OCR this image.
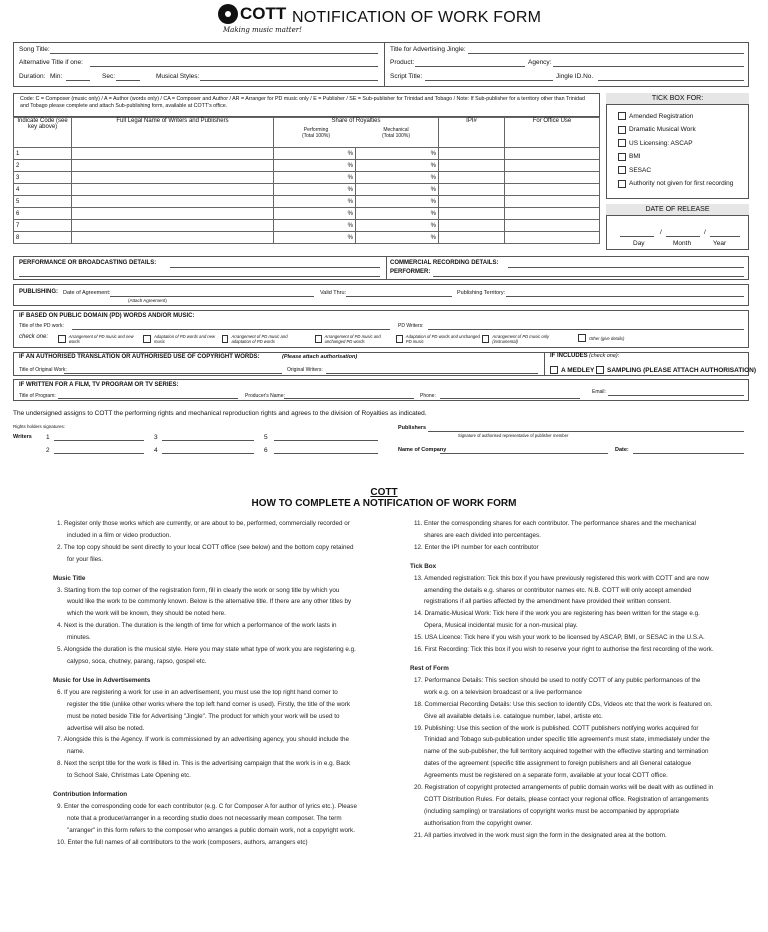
COTT
Making music matter!
NOTIFICATION OF WORK FORM
Song Title:
Alternative Title if one:
Duration: Min:	Sec:	Musical Styles:
Title for Advertising Jingle:
Product:	Agency:
Script Title:	Jingle ID.No.
Code: C = Composer (music only) / A = Author (words only) / CA = Composer and Author / AR = Arranger for PD music only / E = Publisher / SE = Sub-publisher for Trinidad and Tobago / Note: If Sub-publisher for a territory other than Trinidad and Tobago please complete and attach Sub-publishing form, available at COTT's office.
Indicate Code (see key above)	Full Legal Name of Writers and Publishers	Share of Royalties
Performing
(Total 100%)
Mechanical
(Total 100%)		IPI#	For Office Use
1		%	%		
2		%	%		
3		%	%		
4		%	%		
5		%	%		
6		%	%		
7		%	%		
8		%	%		
TICK BOX FOR:
Amended Registration
Dramatic Musical Work
US Licensing: ASCAP
BMI
SESAC
Authority not given for first recording
DATE OF RELEASE
/	/
Day	Month	Year
PERFORMANCE OR BROADCASTING DETAILS:	COMMERCIAL RECORDING DETAILS:
PERFORMER:
PUBLISHING: Date of Agreement:
(Attach Agreement)
Valid Thru:	Publishing Territory:
IF BASED ON PUBLIC DOMAIN (PD) WORDS AND/OR MUSIC:
Title of the PD work:	PD Writers:
check one:	Arrangement of PD music and new words
Adaptation of PD words and new music
Arrangement of PD music and adaptation of PD words
Arrangement of PD music and unchanged PD words
Adaptation of PD words and unchanged PD music
Arrangement of PD music only (instrumental)
Other (give details)
IF AN AUTHORISED TRANSLATION OR AUTHORISED USE OF COPYRIGHT WORDS:	(Please attach authorisation)
Title of Original Work:	Original Writers:
IF INCLUDES (check one):
A MEDLEY SAMPLING (PLEASE ATTACH AUTHORISATION)
IF WRITTEN FOR A FILM, TV PROGRAM OR TV SERIES:
Title of Program:	Producer's Name:	Phone:
Email:
The undersigned assigns to COTT the performing rights and mechanical reproduction rights and agrees to the division of Royalties as indicated.
Rights holders signatures:
Writers 1	3	5
2	4	6
Publishers
Signature of authorised representative of publisher member
Name of Company	Date:
COTT
HOW TO COMPLETE A NOTIFICATION OF WORK FORM

1. Register only those works which are currently, or are about to be, performed, commercially recorded or included in a film or video production.

2. The top copy should be sent directly to your local COTT office (see below) and the bottom copy retained for your files.

Music Title

3. Starting from the top corner of the registration form, fill in clearly the work or song title by which you would like the work to be commonly known. Below is the alternative title. If there are any other titles by which the work will be known, they should be noted here.

4. Next is the duration. The duration is the length of time for which a performance of the work lasts in minutes.

5. Alongside the duration is the musical style. Here you may state what type of work you are registering e.g. calypso, soca, chutney, parang, rapso, gospel etc.

Music for Use in Advertisements

6. If you are registering a work for use in an advertisement, you must use the top right hand corner to register the title (unlike other works where the top left hand corner is used). Firstly, the title of the work must be noted beside Title for Advertising "Jingle". The product for which your work will be used to advertise will also be noted.

7. Alongside this is the Agency. If work is commissioned by an advertising agency, you should include the name.

8. Next the script title for the work is filled in. This is the advertising campaign that the work is in e.g. Back to School Sale, Christmas Late Opening etc.

Contribution Information

9. Enter the corresponding code for each contributor (e.g. C for Composer A for author of lyrics etc.). Please note that a producer/arranger in a recording studio does not necessarily mean composer. The term "arranger" in this form refers to the composer who arranges a public domain work, not a copyright work.

10. Enter the full names of all contributors to the work (composers, authors, arrangers etc)

11. Enter the corresponding shares for each contributor. The performance shares and the mechanical shares are each divided into percentages.

12. Enter the IPI number for each contributor

Tick Box

13. Amended registration: Tick this box if you have previously registered this work with COTT and are now amending the details e.g. shares or contributor names etc. N.B. COTT will only accept amended registrations if all parties affected by the amendment have provided their written consent.

14. Dramatic-Musical Work: Tick here if the work you are registering has been written for the stage e.g. Opera, Musical incidental music for a non-musical play.

15. USA Licence: Tick here if you wish your work to be licensed by ASCAP, BMI, or SESAC in the U.S.A.

16. First Recording: Tick this box if you wish to reserve your right to authorise the first recording of the work.

Rest of Form

17. Performance Details: This section should be used to notify COTT of any public performances of the work e.g. on a television broadcast or a live performance

18. Commercial Recording Details: Use this section to identify CDs, Videos etc that the work is featured on. Give all available details i.e. catalogue number, label, artiste etc.

19. Publishing: Use this section of the work is published. COTT publishers notifying works acquired for Trinidad and Tobago sub-publication under specific title agreement's must state, immediately under the name of the sub-publisher, the full territory acquired together with the effective starting and termination dates of the agreement (specific title assignment to foreign publishers and all General catalogue Agreements must be registered on a separate form, available at your local COTT office.

20. Registration of copyright protected arrangements of public domain works will be dealt with as outlined in COTT Distribution Rules. For details, please contact your regional office. Registration of arrangements (including sampling) or translations of copyright works must be accompanied by appropriate authorisation from the copyright owner.

21. All parties involved in the work must sign the form in the designated area at the bottom.
